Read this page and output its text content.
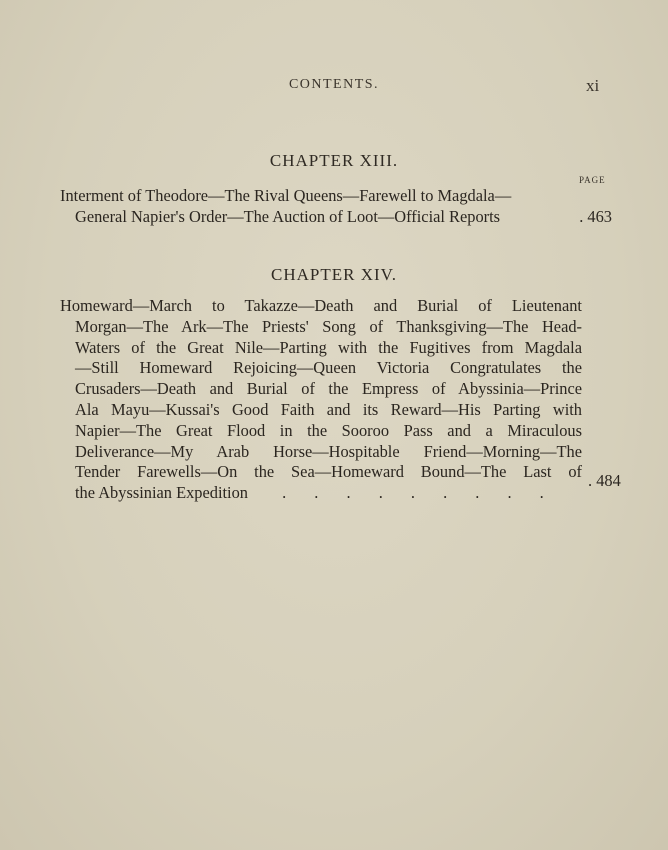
CONTENTS.	xi
CHAPTER XIII.
PAGE
Interment of Theodore—The Rival Queens—Farewell to Magdala—
General Napier's Order—The Auction of Loot—Official Reports	. 463
CHAPTER XIV.
Homeward—March to Takazze—Death and Burial of Lieutenant
Morgan—The Ark—The Priests' Song of Thanksgiving—The Head-
Waters of the Great Nile—Parting with the Fugitives from Magdala
—Still Homeward Rejoicing—Queen Victoria Congratulates the
Crusaders—Death and Burial of the Empress of Abyssinia—Prince
Ala Mayu—Kussai's Good Faith and its Reward—His Parting with
Napier—The Great Flood in the Sooroo Pass and a Miraculous
Deliverance—My Arab Horse—Hospitable Friend—Morning—The
Tender Farewells—On the Sea—Homeward Bound—The Last of
the Abyssinian Expedition . . . . . . . . .
. 484
